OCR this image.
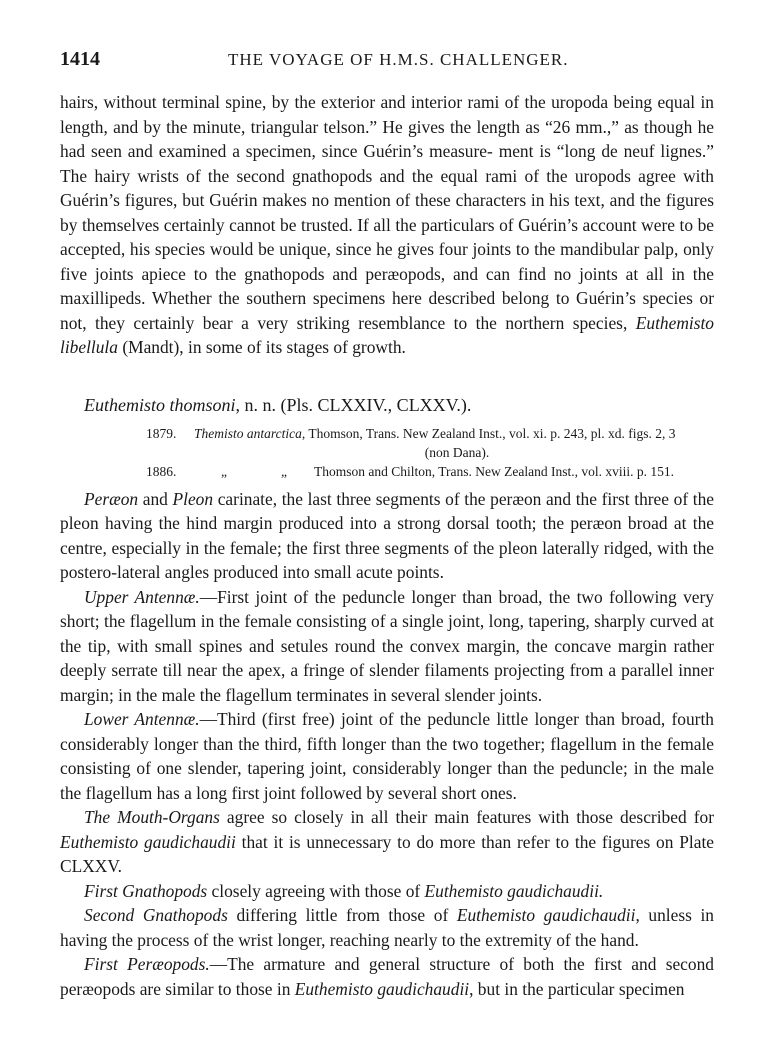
1414	THE VOYAGE OF H.M.S. CHALLENGER.

hairs, without terminal spine, by the exterior and interior rami of the uropoda being equal in length, and by the minute, triangular telson.” He gives the length as “26 mm.,” as though he had seen and examined a specimen, since Guérin’s measure- ment is “long de neuf lignes.” The hairy wrists of the second gnathopods and the equal rami of the uropods agree with Guérin’s figures, but Guérin makes no mention of these characters in his text, and the figures by themselves certainly cannot be trusted. If all the particulars of Guérin’s account were to be accepted, his species would be unique, since he gives four joints to the mandibular palp, only five joints apiece to the gnathopods and peræopods, and can find no joints at all in the maxillipeds. Whether the southern specimens here described belong to Guérin’s species or not, they certainly bear a very striking resemblance to the northern species, Euthemisto libellula (Mandt), in some of its stages of growth.

Euthemisto thomsoni, n. n. (Pls. CLXXIV., CLXXV.).
1879.	Themisto antarctica, Thomson, Trans. New Zealand Inst., vol. xi. p. 243, pl. xd. figs. 2, 3
(non Dana).
1886.	„	„	Thomson and Chilton, Trans. New Zealand Inst., vol. xviii. p. 151.

Peræon and Pleon carinate, the last three segments of the peræon and the first three of the pleon having the hind margin produced into a strong dorsal tooth; the peræon broad at the centre, especially in the female; the first three segments of the pleon laterally ridged, with the postero-lateral angles produced into small acute points.

Upper Antennæ.—First joint of the peduncle longer than broad, the two following very short; the flagellum in the female consisting of a single joint, long, tapering, sharply curved at the tip, with small spines and setules round the convex margin, the concave margin rather deeply serrate till near the apex, a fringe of slender filaments projecting from a parallel inner margin; in the male the flagellum terminates in several slender joints.

Lower Antennæ.—Third (first free) joint of the peduncle little longer than broad, fourth considerably longer than the third, fifth longer than the two together; flagellum in the female consisting of one slender, tapering joint, considerably longer than the peduncle; in the male the flagellum has a long first joint followed by several short ones.

The Mouth-Organs agree so closely in all their main features with those described for Euthemisto gaudichaudii that it is unnecessary to do more than refer to the figures on Plate CLXXV.

First Gnathopods closely agreeing with those of Euthemisto gaudichaudii.

Second Gnathopods differing little from those of Euthemisto gaudichaudii, unless in having the process of the wrist longer, reaching nearly to the extremity of the hand.

First Peræopods.—The armature and general structure of both the first and second peræopods are similar to those in Euthemisto gaudichaudii, but in the particular specimen
